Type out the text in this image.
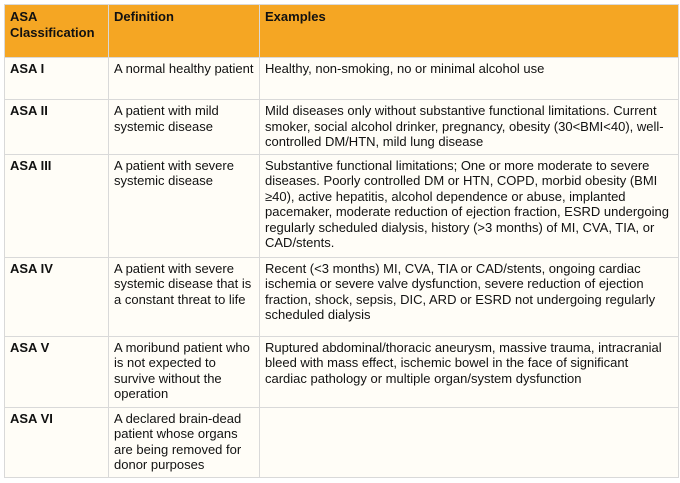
ASA Classification	Definition	Examples
ASA I	A normal healthy patient	Healthy, non-smoking, no or minimal alcohol use
ASA II	A patient with mild systemic disease	Mild diseases only without substantive functional limitations. Current smoker, social alcohol drinker, pregnancy, obesity (30<BMI<40), well-controlled DM/HTN, mild lung disease
ASA III	A patient with severe systemic disease	Substantive functional limitations; One or more moderate to severe diseases. Poorly controlled DM or HTN, COPD, morbid obesity (BMI ≥40), active hepatitis, alcohol dependence or abuse, implanted pacemaker, moderate reduction of ejection fraction, ESRD undergoing regularly scheduled dialysis, history (>3 months) of MI, CVA, TIA, or CAD/stents.
ASA IV	A patient with severe systemic disease that is a constant threat to life	Recent (<3 months) MI, CVA, TIA or CAD/stents, ongoing cardiac ischemia or severe valve dysfunction, severe reduction of ejection fraction, shock, sepsis, DIC, ARD or ESRD not undergoing regularly scheduled dialysis
ASA V	A moribund patient who is not expected to survive without the operation	Ruptured abdominal/thoracic aneurysm, massive trauma, intracranial bleed with mass effect, ischemic bowel in the face of significant cardiac pathology or multiple organ/system dysfunction
ASA VI	A declared brain-dead patient whose organs are being removed for donor purposes	
